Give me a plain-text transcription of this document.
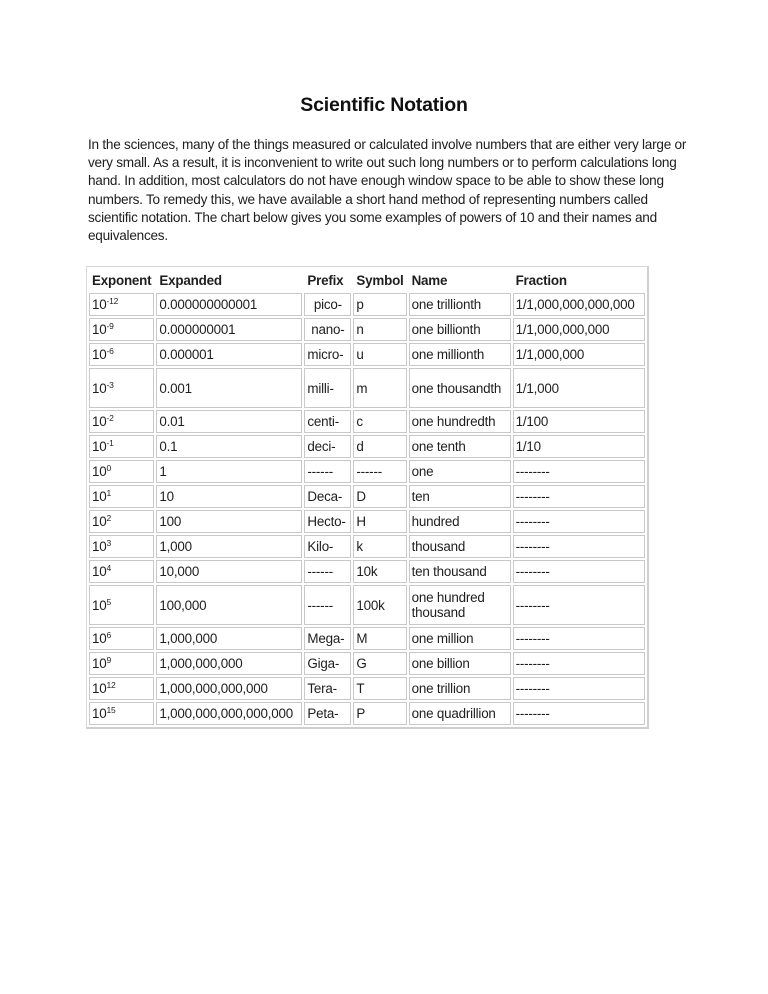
Scientific Notation
In the sciences, many of the things measured or calculated involve numbers that are either very large or very small. As a result, it is inconvenient to write out such long numbers or to perform calculations long hand. In addition, most calculators do not have enough window space to be able to show these long numbers. To remedy this, we have available a short hand method of representing numbers called scientific notation. The chart below gives you some examples of powers of 10 and their names and equivalences.
Exponent	Expanded	Prefix	Symbol	Name	Fraction
$10^{-12}$	0.000000000001	pico-	p	one trillionth	1/1,000,000,000,000
$10^{-9}$	0.000000001	nano-	n	one billionth	1/1,000,000,000
$10^{-6}$	0.000001	micro-	u	one millionth	1/1,000,000
$10^{-3}$	0.001	milli-	m	one thousandth	1/1,000
$10^{-2}$	0.01	centi-	c	one hundredth	1/100
$10^{-1}$	0.1	deci-	d	one tenth	1/10
$10^0$	1	------	------	one	--------
$10^1$	10	Deca-	D	ten	--------
$10^2$	100	Hecto-	H	hundred	--------
$10^3$	1,000	Kilo-	k	thousand	--------
$10^4$	10,000	------	10k	ten thousand	--------
$10^5$	100,000	------	100k	one hundred thousand	--------
$10^6$	1,000,000	Mega-	M	one million	--------
$10^9$	1,000,000,000	Giga-	G	one billion	--------
$10^{12}$	1,000,000,000,000	Tera-	T	one trillion	--------
$10^{15}$	1,000,000,000,000,000	Peta-	P	one quadrillion	--------
